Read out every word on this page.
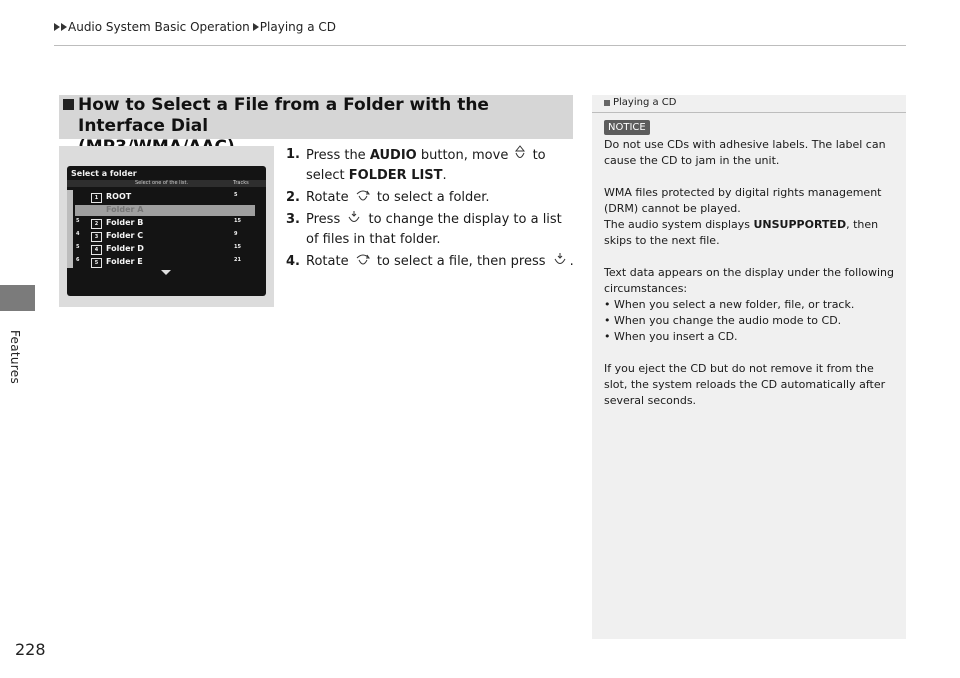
Audio System Basic Operation Playing a CD
Features
228
How to Select a File from a Folder with the Interface Dial
Select a folder
Select one of the list.	Tracks
1 ROOT	5
Folder A
5	2 Folder B	15
4	3 Folder C	9
5	4 Folder D	15
6	5 Folder E	21
1. Press the AUDIO button, move  to select FOLDER LIST.
2. Rotate  to select a folder.
3. Press  to change the display to a list of files in that folder.
4. Rotate  to select a file, then press .
Playing a CD
NOTICE

Do not use CDs with adhesive labels. The label can cause the CD to jam in the unit.

WMA files protected by digital rights management (DRM) cannot be played.

The audio system displays UNSUPPORTED, then skips to the next file.

Text data appears on the display under the following circumstances:

• When you select a new folder, file, or track.
• When you change the audio mode to CD.
• When you insert a CD.

If you eject the CD but do not remove it from the slot, the system reloads the CD automatically after several seconds.
